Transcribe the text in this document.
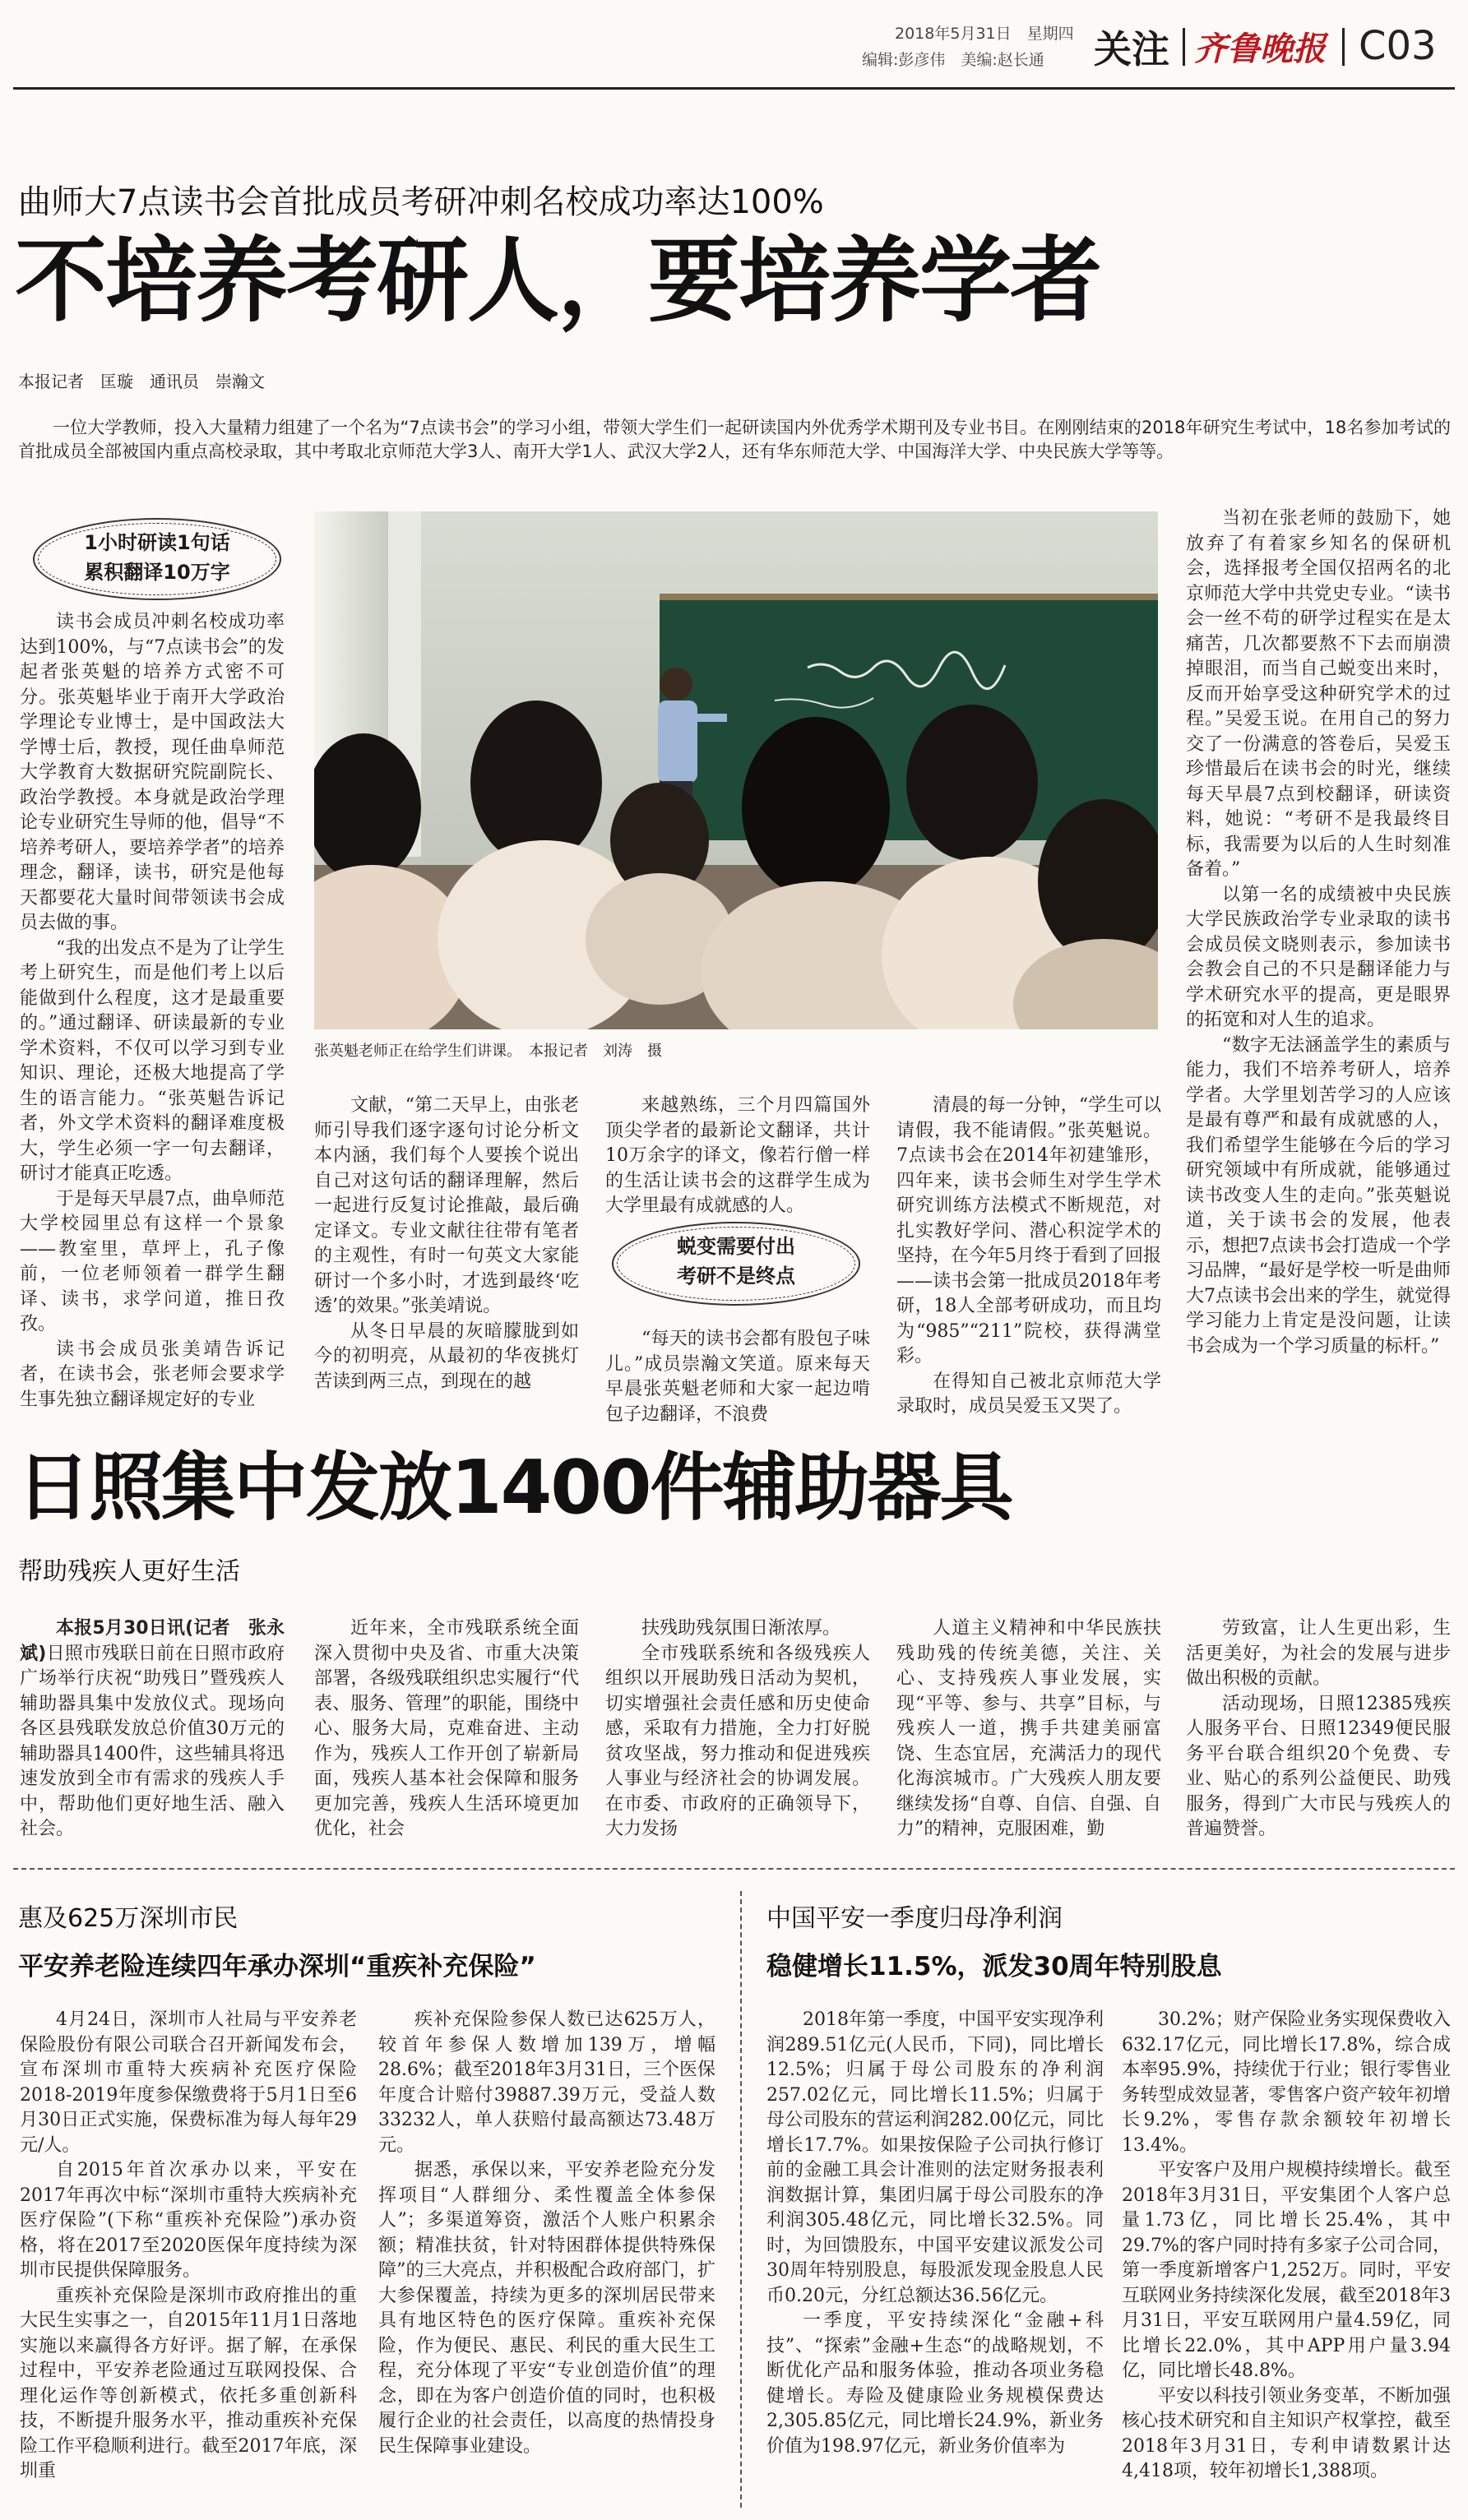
2018年5月31日　星期四
编辑:彭彦伟　美编:赵长通 关注 齐鲁晚报 C03
曲师大7点读书会首批成员考研冲刺名校成功率达100%
不培养考研人，要培养学者
本报记者　匡璇　通讯员　崇瀚文
一位大学教师，投入大量精力组建了一个名为“7点读书会”的学习小组，带领大学生们一起研读国内外优秀学术期刊及专业书目。在刚刚结束的2018年研究生考试中，18名参加考试的首批成员全部被国内重点高校录取，其中考取北京师范大学3人、南开大学1人、武汉大学2人，还有华东师范大学、中国海洋大学、中央民族大学等等。
1小时研读1句话
累积翻译10万字

读书会成员冲刺名校成功率达到100%，与“7点读书会”的发起者张英魁的培养方式密不可分。张英魁毕业于南开大学政治学理论专业博士，是中国政法大学博士后，教授，现任曲阜师范大学教育大数据研究院副院长、政治学教授。本身就是政治学理论专业研究生导师的他，倡导“不培养考研人，要培养学者”的培养理念，翻译，读书，研究是他每天都要花大量时间带领读书会成员去做的事。

“我的出发点不是为了让学生考上研究生，而是他们考上以后能做到什么程度，这才是最重要的。”通过翻译、研读最新的专业学术资料，不仅可以学习到专业知识、理论，还极大地提高了学生的语言能力。“张英魁告诉记者，外文学术资料的翻译难度极大，学生必须一字一句去翻译，研讨才能真正吃透。

于是每天早晨7点，曲阜师范大学校园里总有这样一个景象——教室里，草坪上，孔子像前，一位老师领着一群学生翻译、读书，求学问道，推日孜孜。

读书会成员张美靖告诉记者，在读书会，张老师会要求学生事先独立翻译规定好的专业

张英魁老师正在给学生们讲课。　本报记者　刘涛　摄

文献，“第二天早上，由张老师引导我们逐字逐句讨论分析文本内涵，我们每个人要挨个说出自己对这句话的翻译理解，然后一起进行反复讨论推敲，最后确定译文。专业文献往往带有笔者的主观性，有时一句英文大家能研讨一个多小时，才选到最终‘吃透’的效果。”张美靖说。

从冬日早晨的灰暗朦胧到如今的初明亮，从最初的华夜挑灯苦读到两三点，到现在的越

来越熟练，三个月四篇国外顶尖学者的最新论文翻译，共计10万余字的译文，像若行僧一样的生活让读书会的这群学生成为大学里最有成就感的人。

蜕变需要付出
考研不是终点

“每天的读书会都有股包子味儿。”成员崇瀚文笑道。原来每天早晨张英魁老师和大家一起边啃包子边翻译，不浪费

清晨的每一分钟，“学生可以请假，我不能请假。”张英魁说。7点读书会在2014年初建雏形，四年来，读书会师生对学生学术研究训练方法模式不断规范，对扎实教好学问、潜心积淀学术的坚持，在今年5月终于看到了回报——读书会第一批成员2018年考研，18人全部考研成功，而且均为“985”“211”院校，获得满堂彩。

在得知自己被北京师范大学录取时，成员吴爱玉又哭了。

当初在张老师的鼓励下，她放弃了有着家乡知名的保研机会，选择报考全国仅招两名的北京师范大学中共党史专业。“读书会一丝不苟的研学过程实在是太痛苦，几次都要熬不下去而崩溃掉眼泪，而当自己蜕变出来时，反而开始享受这种研究学术的过程。”吴爱玉说。在用自己的努力交了一份满意的答卷后，吴爱玉珍惜最后在读书会的时光，继续每天早晨7点到校翻译，研读资料，她说：“考研不是我最终目标，我需要为以后的人生时刻准备着。”

以第一名的成绩被中央民族大学民族政治学专业录取的读书会成员侯文晓则表示，参加读书会教会自己的不只是翻译能力与学术研究水平的提高，更是眼界的拓宽和对人生的追求。

“数字无法涵盖学生的素质与能力，我们不培养考研人，培养学者。大学里划苦学习的人应该是最有尊严和最有成就感的人，我们希望学生能够在今后的学习研究领域中有所成就，能够通过读书改变人生的走向。”张英魁说道，关于读书会的发展，他表示，想把7点读书会打造成一个学习品牌，“最好是学校一听是曲师大7点读书会出来的学生，就觉得学习能力上肯定是没问题，让读书会成为一个学习质量的标杆。”

日照集中发放1400件辅助器具
帮助残疾人更好生活

本报5月30日讯(记者　张永斌)日照市残联日前在日照市政府广场举行庆祝“助残日”暨残疾人辅助器具集中发放仪式。现场向各区县残联发放总价值30万元的辅助器具1400件，这些辅具将迅速发放到全市有需求的残疾人手中，帮助他们更好地生活、融入社会。

近年来，全市残联系统全面深入贯彻中央及省、市重大决策部署，各级残联组织忠实履行“代表、服务、管理”的职能，围绕中心、服务大局，克难奋进、主动作为，残疾人工作开创了崭新局面，残疾人基本社会保障和服务更加完善，残疾人生活环境更加优化，社会

扶残助残氛围日渐浓厚。

全市残联系统和各级残疾人组织以开展助残日活动为契机，切实增强社会责任感和历史使命感，采取有力措施，全力打好脱贫攻坚战，努力推动和促进残疾人事业与经济社会的协调发展。在市委、市政府的正确领导下，大力发扬

人道主义精神和中华民族扶残助残的传统美德，关注、关心、支持残疾人事业发展，实现“平等、参与、共享”目标，与残疾人一道，携手共建美丽富饶、生态宜居，充满活力的现代化海滨城市。广大残疾人朋友要继续发扬“自尊、自信、自强、自力”的精神，克服困难，勤

劳致富，让人生更出彩，生活更美好，为社会的发展与进步做出积极的贡献。

活动现场，日照12385残疾人服务平台、日照12349便民服务平台联合组织20个免费、专业、贴心的系列公益便民、助残服务，得到广大市民与残疾人的普遍赞誉。

惠及625万深圳市民
平安养老险连续四年承办深圳“重疾补充保险”

4月24日，深圳市人社局与平安养老保险股份有限公司联合召开新闻发布会，宣布深圳市重特大疾病补充医疗保险2018-2019年度参保缴费将于5月1日至6月30日正式实施，保费标准为每人每年29元/人。

自2015年首次承办以来，平安在2017年再次中标“深圳市重特大疾病补充医疗保险”(下称“重疾补充保险”)承办资格，将在2017至2020医保年度持续为深圳市民提供保障服务。

重疾补充保险是深圳市政府推出的重大民生实事之一，自2015年11月1日落地实施以来赢得各方好评。据了解，在承保过程中，平安养老险通过互联网投保、合理化运作等创新模式，依托多重创新科技，不断提升服务水平，推动重疾补充保险工作平稳顺利进行。截至2017年底，深圳重

疾补充保险参保人数已达625万人，较首年参保人数增加139万，增幅28.6%；截至2018年3月31日，三个医保年度合计赔付39887.39万元，受益人数33232人，单人获赔付最高额达73.48万元。

据悉，承保以来，平安养老险充分发挥项目“人群细分、柔性覆盖全体参保人”；多渠道筹资，激活个人账户积累余额；精准扶贫，针对特困群体提供特殊保障”的三大亮点，并积极配合政府部门，扩大参保覆盖，持续为更多的深圳居民带来具有地区特色的医疗保障。重疾补充保险，作为便民、惠民、利民的重大民生工程，充分体现了平安“专业创造价值”的理念，即在为客户创造价值的同时，也积极履行企业的社会责任，以高度的热情投身民生保障事业建设。

中国平安一季度归母净利润
稳健增长11.5%，派发30周年特别股息

2018年第一季度，中国平安实现净利润289.51亿元(人民币，下同)，同比增长12.5%；归属于母公司股东的净利润257.02亿元，同比增长11.5%；归属于母公司股东的营运利润282.00亿元，同比增长17.7%。如果按保险子公司执行修订前的金融工具会计准则的法定财务报表利润数据计算，集团归属于母公司股东的净利润305.48亿元，同比增长32.5%。同时，为回馈股东，中国平安建议派发公司30周年特别股息，每股派发现金股息人民币0.20元，分红总额达36.56亿元。

一季度，平安持续深化“金融+科技”、“探索”金融+生态“的战略规划，不断优化产品和服务体验，推动各项业务稳健增长。寿险及健康险业务规模保费达2,305.85亿元，同比增长24.9%，新业务价值为198.97亿元，新业务价值率为

30.2%；财产保险业务实现保费收入632.17亿元，同比增长17.8%，综合成本率95.9%，持续优于行业；银行零售业务转型成效显著，零售客户资产较年初增长9.2%，零售存款余额较年初增长13.4%。

平安客户及用户规模持续增长。截至2018年3月31日，平安集团个人客户总量1.73亿，同比增长25.4%，其中29.7%的客户同时持有多家子公司合同，第一季度新增客户1,252万。同时，平安互联网业务持续深化发展，截至2018年3月31日，平安互联网用户量4.59亿，同比增长22.0%，其中APP用户量3.94亿，同比增长48.8%。

平安以科技引领业务变革，不断加强核心技术研究和自主知识产权掌控，截至2018年3月31日，专利申请数累计达4,418项，较年初增长1,388项。
